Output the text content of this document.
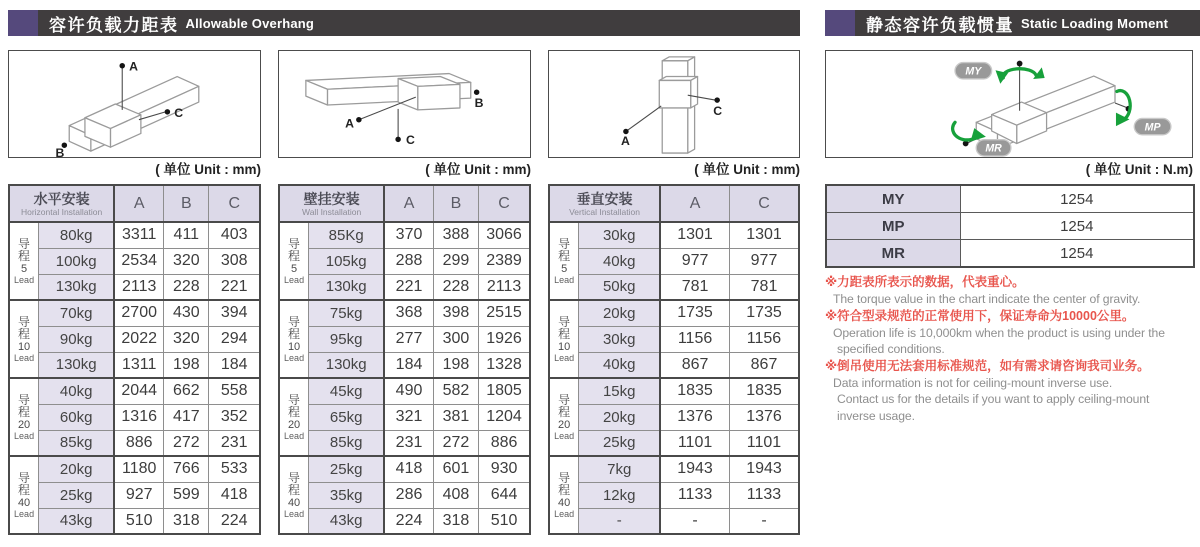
容许负载力距表 Allowable Overhang	静态容许负载惯量 Static Loading Moment
A
C
B
( 单位 Unit : mm)
水平安装
Horizontal Installation		A	B	C

导程
5
Lead	80kg	3311	411	403
	100kg	2534	320	308
	130kg	2113	228	221

导程
10
Lead	70kg	2700	430	394
	90kg	2022	320	294
	130kg	1311	198	184

导程
20
Lead	40kg	2044	662	558
	60kg	1316	417	352
	85kg	886	272	231

导程
40
Lead	20kg	1180	766	533
	25kg	927	599	418
	43kg	510	318	224
A
C
B
( 单位 Unit : mm)
壁挂安装
Wall Installation		A	B	C

导程
5
Lead	85Kg	370	388	3066
	105kg	288	299	2389
	130kg	221	228	2113

导程
10
Lead	75kg	368	398	2515
	95kg	277	300	1926
	130kg	184	198	1328

导程
20
Lead	45kg	490	582	1805
	65kg	321	381	1204
	85kg	231	272	886

导程
40
Lead	25kg	418	601	930
	35kg	286	408	644
	43kg	224	318	510
A
C
( 单位 Unit : mm)
垂直安装
Vertical Installation		A	C

导程
5
Lead	30kg	1301	1301
	40kg	977	977
	50kg	781	781

导程
10
Lead	20kg	1735	1735
	30kg	1156	1156
	40kg	867	867

导程
20
Lead	15kg	1835	1835
	20kg	1376	1376
	25kg	1101	1101

导程
40
Lead	7kg	1943	1943
	12kg	1133	1133
	-	-	-
MY
MP
MR
( 单位 Unit : N.m)
MY	1254
MP	1254
MR	1254
※力距表所表示的数据，代表重心。
The torque value in the chart indicate the center of gravity.
※符合型录规范的正常使用下，保证寿命为10000公里。
Operation life is 10,000km when the product is using under the
specified conditions.
※倒吊使用无法套用标准规范，如有需求请咨询我司业务。
Data information is not for ceiling-mount inverse use.
Contact us for the details if you want to apply ceiling-mount
inverse usage.
